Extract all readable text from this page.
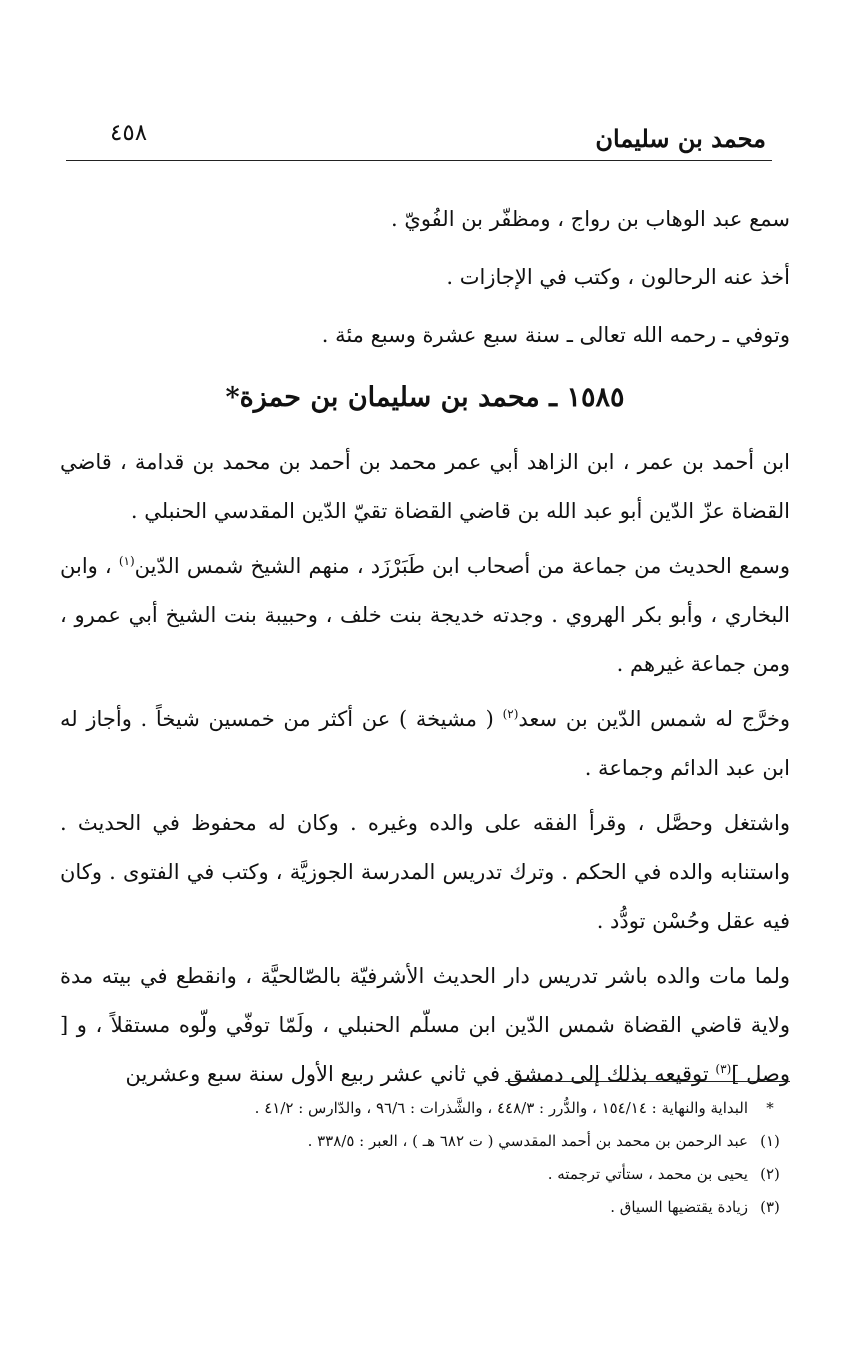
٤٥٨	محمد بن سليمان

سمع عبد الوهاب بن رواج ، ومظفّر بن الفُويّ .

أخذ عنه الرحالون ، وكتب في الإجازات .

وتوفي ـ رحمه الله تعالى ـ سنة سبع عشرة وسبع مئة .

١٥٨٥ ـ محمد بن سليمان بن حمزة*

ابن أحمد بن عمر ، ابن الزاهد أبي عمر محمد بن أحمد بن محمد بن قدامة ، قاضي القضاة عزّ الدّين أبو عبد الله بن قاضي القضاة تقيّ الدّين المقدسي الحنبلي .

وسمع الحديث من جماعة من أصحاب ابن طَبَرْزَد ، منهم الشيخ شمس الدّين$^{(١)}$ ، وابن البخاري ، وأبو بكر الهروي . وجدته خديجة بنت خلف ، وحبيبة بنت الشيخ أبي عمرو ، ومن جماعة غيرهم .

وخرَّج له شمس الدّين بن سعد$^{(٢)}$ ( مشيخة ) عن أكثر من خمسين شيخاً . وأجاز له ابن عبد الدائم وجماعة .

واشتغل وحصَّل ، وقرأ الفقه على والده وغيره . وكان له محفوظ في الحديث . واستنابه والده في الحكم . وترك تدريس المدرسة الجوزيَّة ، وكتب في الفتوى . وكان فيه عقل وحُسْن تودُّد .

ولما مات والده باشر تدريس دار الحديث الأشرفيّة بالصّالحيَّة ، وانقطع في بيته مدة ولاية قاضي القضاة شمس الدّين ابن مسلّم الحنبلي ، ولَمّا توفّي ولّوه مستقلاً ، و [ وصل ]$^{(٣)}$ توقيعه بذلك إلى دمشق في ثاني عشر ربيع الأول سنة سبع وعشرين

*
البداية والنهاية : ١٥٤/١٤ ، والدُّرر : ٤٤٨/٣ ، والشَّذرات : ٩٦/٦ ، والدّارس : ٤١/٢ .
(١)
عبد الرحمن بن محمد بن أحمد المقدسي ( ت ٦٨٢ هـ ) ، العبر : ٣٣٨/٥ .
(٢)
يحيى بن محمد ، ستأتي ترجمته .
(٣)
زيادة يقتضيها السياق .
